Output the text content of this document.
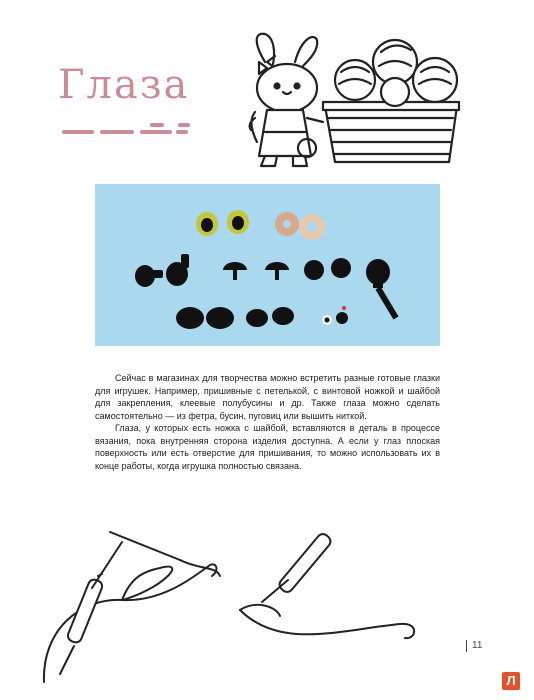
Глаза

Сейчас в магазинах для творчества можно встретить разные готовые глазки для игрушек. Например, пришивные с петелькой, с винтовой ножкой и шайбой для закрепления, клеевые полубусины и др. Также глаза можно сделать самостоятельно — из фетра, бусин, пуговиц или вышить ниткой.

Глаза, у которых есть ножка с шайбой, вставляются в деталь в процессе вязания, пока внутренняя сторона изделия доступна. А если у глаз плоская поверхность или есть отверстие для пришивания, то можно использовать их в конце работы, когда игрушка полностью связана.

11
Л
